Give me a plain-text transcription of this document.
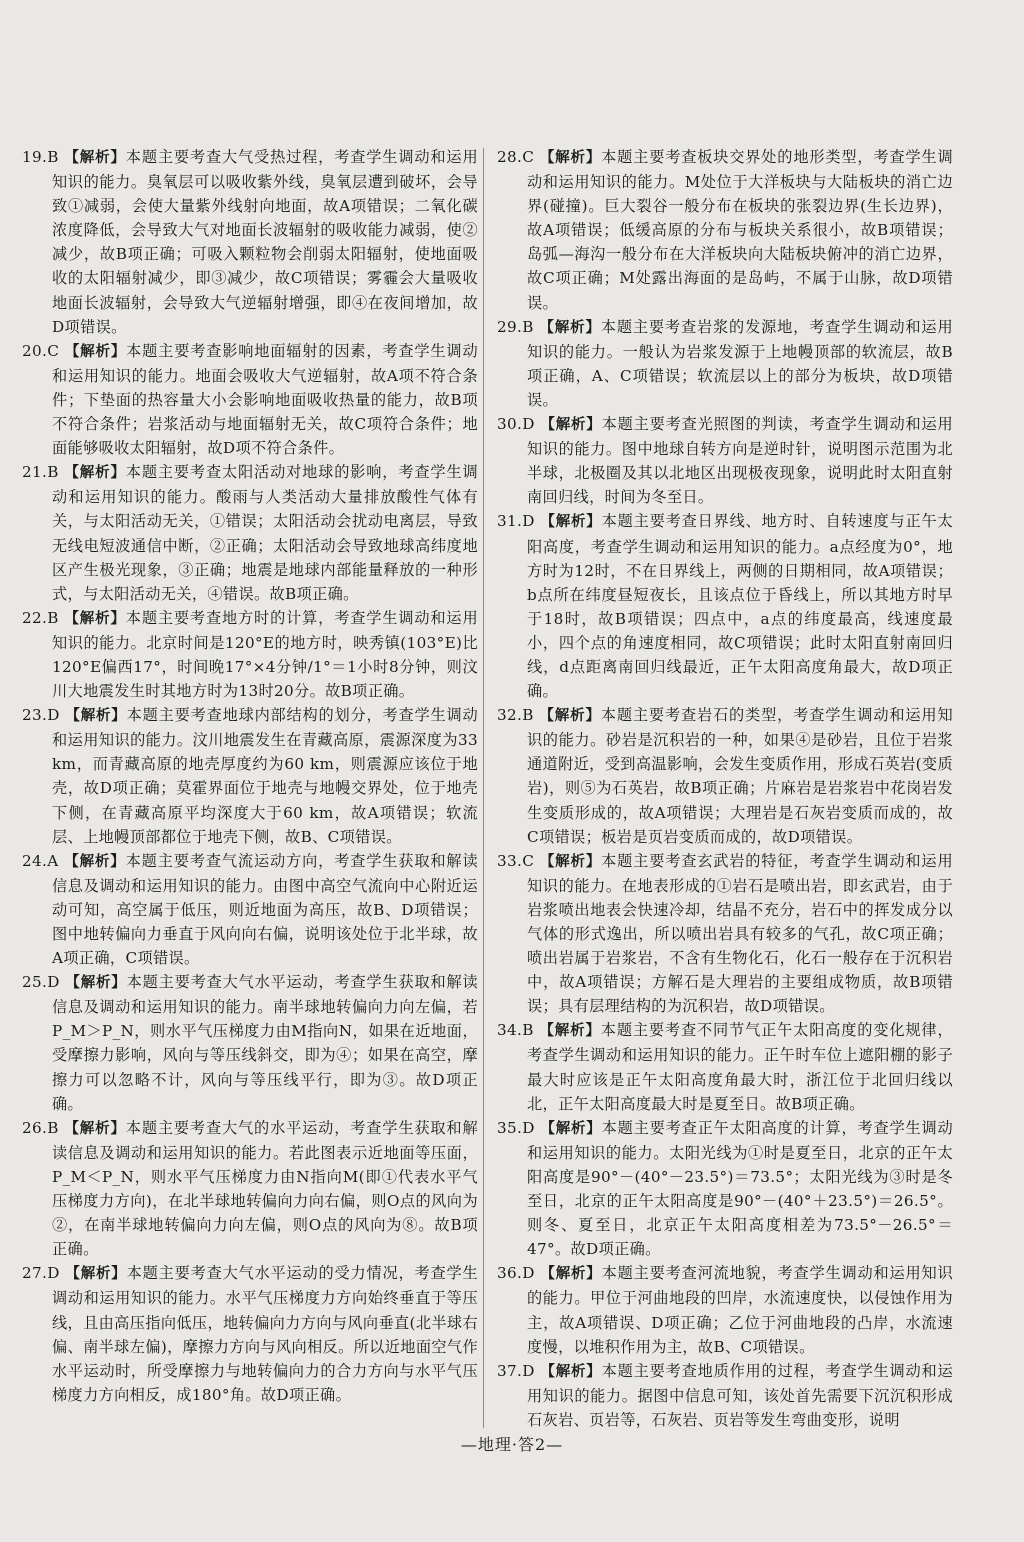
19.B 【解析】本题主要考查大气受热过程，考查学生调动和运用知识的能力。臭氧层可以吸收紫外线，臭氧层遭到破坏，会导致①减弱，会使大量紫外线射向地面，故A项错误；二氧化碳浓度降低，会导致大气对地面长波辐射的吸收能力减弱，使②减少，故B项正确；可吸入颗粒物会削弱太阳辐射，使地面吸收的太阳辐射减少，即③减少，故C项错误；雾霾会大量吸收地面长波辐射，会导致大气逆辐射增强，即④在夜间增加，故D项错误。

20.C 【解析】本题主要考查影响地面辐射的因素，考查学生调动和运用知识的能力。地面会吸收大气逆辐射，故A项不符合条件；下垫面的热容量大小会影响地面吸收热量的能力，故B项不符合条件；岩浆活动与地面辐射无关，故C项符合条件；地面能够吸收太阳辐射，故D项不符合条件。

21.B 【解析】本题主要考查太阳活动对地球的影响，考查学生调动和运用知识的能力。酸雨与人类活动大量排放酸性气体有关，与太阳活动无关，①错误；太阳活动会扰动电离层，导致无线电短波通信中断，②正确；太阳活动会导致地球高纬度地区产生极光现象，③正确；地震是地球内部能量释放的一种形式，与太阳活动无关，④错误。故B项正确。

22.B 【解析】本题主要考查地方时的计算，考查学生调动和运用知识的能力。北京时间是120°E的地方时，映秀镇(103°E)比120°E偏西17°，时间晚17°×4分钟/1°＝1小时8分钟，则汶川大地震发生时其地方时为13时20分。故B项正确。

23.D 【解析】本题主要考查地球内部结构的划分，考查学生调动和运用知识的能力。汶川地震发生在青藏高原，震源深度为33 km，而青藏高原的地壳厚度约为60 km，则震源应该位于地壳，故D项正确；莫霍界面位于地壳与地幔交界处，位于地壳下侧，在青藏高原平均深度大于60 km，故A项错误；软流层、上地幔顶部都位于地壳下侧，故B、C项错误。

24.A 【解析】本题主要考查气流运动方向，考查学生获取和解读信息及调动和运用知识的能力。由图中高空气流向中心附近运动可知，高空属于低压，则近地面为高压，故B、D项错误；图中地转偏向力垂直于风向向右偏，说明该处位于北半球，故A项正确，C项错误。

25.D 【解析】本题主要考查大气水平运动，考查学生获取和解读信息及调动和运用知识的能力。南半球地转偏向力向左偏，若P_M＞P_N，则水平气压梯度力由M指向N，如果在近地面，受摩擦力影响，风向与等压线斜交，即为④；如果在高空，摩擦力可以忽略不计，风向与等压线平行，即为③。故D项正确。

26.B 【解析】本题主要考查大气的水平运动，考查学生获取和解读信息及调动和运用知识的能力。若此图表示近地面等压面，P_M＜P_N，则水平气压梯度力由N指向M(即①代表水平气压梯度力方向)，在北半球地转偏向力向右偏，则O点的风向为②，在南半球地转偏向力向左偏，则O点的风向为⑧。故B项正确。

27.D 【解析】本题主要考查大气水平运动的受力情况，考查学生调动和运用知识的能力。水平气压梯度力方向始终垂直于等压线，且由高压指向低压，地转偏向力方向与风向垂直(北半球右偏、南半球左偏)，摩擦力方向与风向相反。所以近地面空气作水平运动时，所受摩擦力与地转偏向力的合力方向与水平气压梯度力方向相反，成180°角。故D项正确。

28.C 【解析】本题主要考查板块交界处的地形类型，考查学生调动和运用知识的能力。M处位于大洋板块与大陆板块的消亡边界(碰撞)。巨大裂谷一般分布在板块的张裂边界(生长边界)，故A项错误；低缓高原的分布与板块关系很小，故B项错误；岛弧—海沟一般分布在大洋板块向大陆板块俯冲的消亡边界，故C项正确；M处露出海面的是岛屿，不属于山脉，故D项错误。

29.B 【解析】本题主要考查岩浆的发源地，考查学生调动和运用知识的能力。一般认为岩浆发源于上地幔顶部的软流层，故B项正确，A、C项错误；软流层以上的部分为板块，故D项错误。

30.D 【解析】本题主要考查光照图的判读，考查学生调动和运用知识的能力。图中地球自转方向是逆时针，说明图示范围为北半球，北极圈及其以北地区出现极夜现象，说明此时太阳直射南回归线，时间为冬至日。

31.D 【解析】本题主要考查日界线、地方时、自转速度与正午太阳高度，考查学生调动和运用知识的能力。a点经度为0°，地方时为12时，不在日界线上，两侧的日期相同，故A项错误；b点所在纬度昼短夜长，且该点位于昏线上，所以其地方时早于18时，故B项错误；四点中，a点的纬度最高，线速度最小，四个点的角速度相同，故C项错误；此时太阳直射南回归线，d点距离南回归线最近，正午太阳高度角最大，故D项正确。

32.B 【解析】本题主要考查岩石的类型，考查学生调动和运用知识的能力。砂岩是沉积岩的一种，如果④是砂岩，且位于岩浆通道附近，受到高温影响，会发生变质作用，形成石英岩(变质岩)，则⑤为石英岩，故B项正确；片麻岩是岩浆岩中花岗岩发生变质形成的，故A项错误；大理岩是石灰岩变质而成的，故C项错误；板岩是页岩变质而成的，故D项错误。

33.C 【解析】本题主要考查玄武岩的特征，考查学生调动和运用知识的能力。在地表形成的①岩石是喷出岩，即玄武岩，由于岩浆喷出地表会快速冷却，结晶不充分，岩石中的挥发成分以气体的形式逸出，所以喷出岩具有较多的气孔，故C项正确；喷出岩属于岩浆岩，不含有生物化石，化石一般存在于沉积岩中，故A项错误；方解石是大理岩的主要组成物质，故B项错误；具有层理结构的为沉积岩，故D项错误。

34.B 【解析】本题主要考查不同节气正午太阳高度的变化规律，考查学生调动和运用知识的能力。正午时车位上遮阳棚的影子最大时应该是正午太阳高度角最大时，浙江位于北回归线以北，正午太阳高度最大时是夏至日。故B项正确。

35.D 【解析】本题主要考查正午太阳高度的计算，考查学生调动和运用知识的能力。太阳光线为①时是夏至日，北京的正午太阳高度是90°－(40°－23.5°)＝73.5°；太阳光线为③时是冬至日，北京的正午太阳高度是90°－(40°＋23.5°)＝26.5°。则冬、夏至日，北京正午太阳高度相差为73.5°－26.5°＝47°。故D项正确。

36.D 【解析】本题主要考查河流地貌，考查学生调动和运用知识的能力。甲位于河曲地段的凹岸，水流速度快，以侵蚀作用为主，故A项错误、D项正确；乙位于河曲地段的凸岸，水流速度慢，以堆积作用为主，故B、C项错误。

37.D 【解析】本题主要考查地质作用的过程，考查学生调动和运用知识的能力。据图中信息可知，该处首先需要下沉沉积形成石灰岩、页岩等，石灰岩、页岩等发生弯曲变形，说明

—地理·答2—
